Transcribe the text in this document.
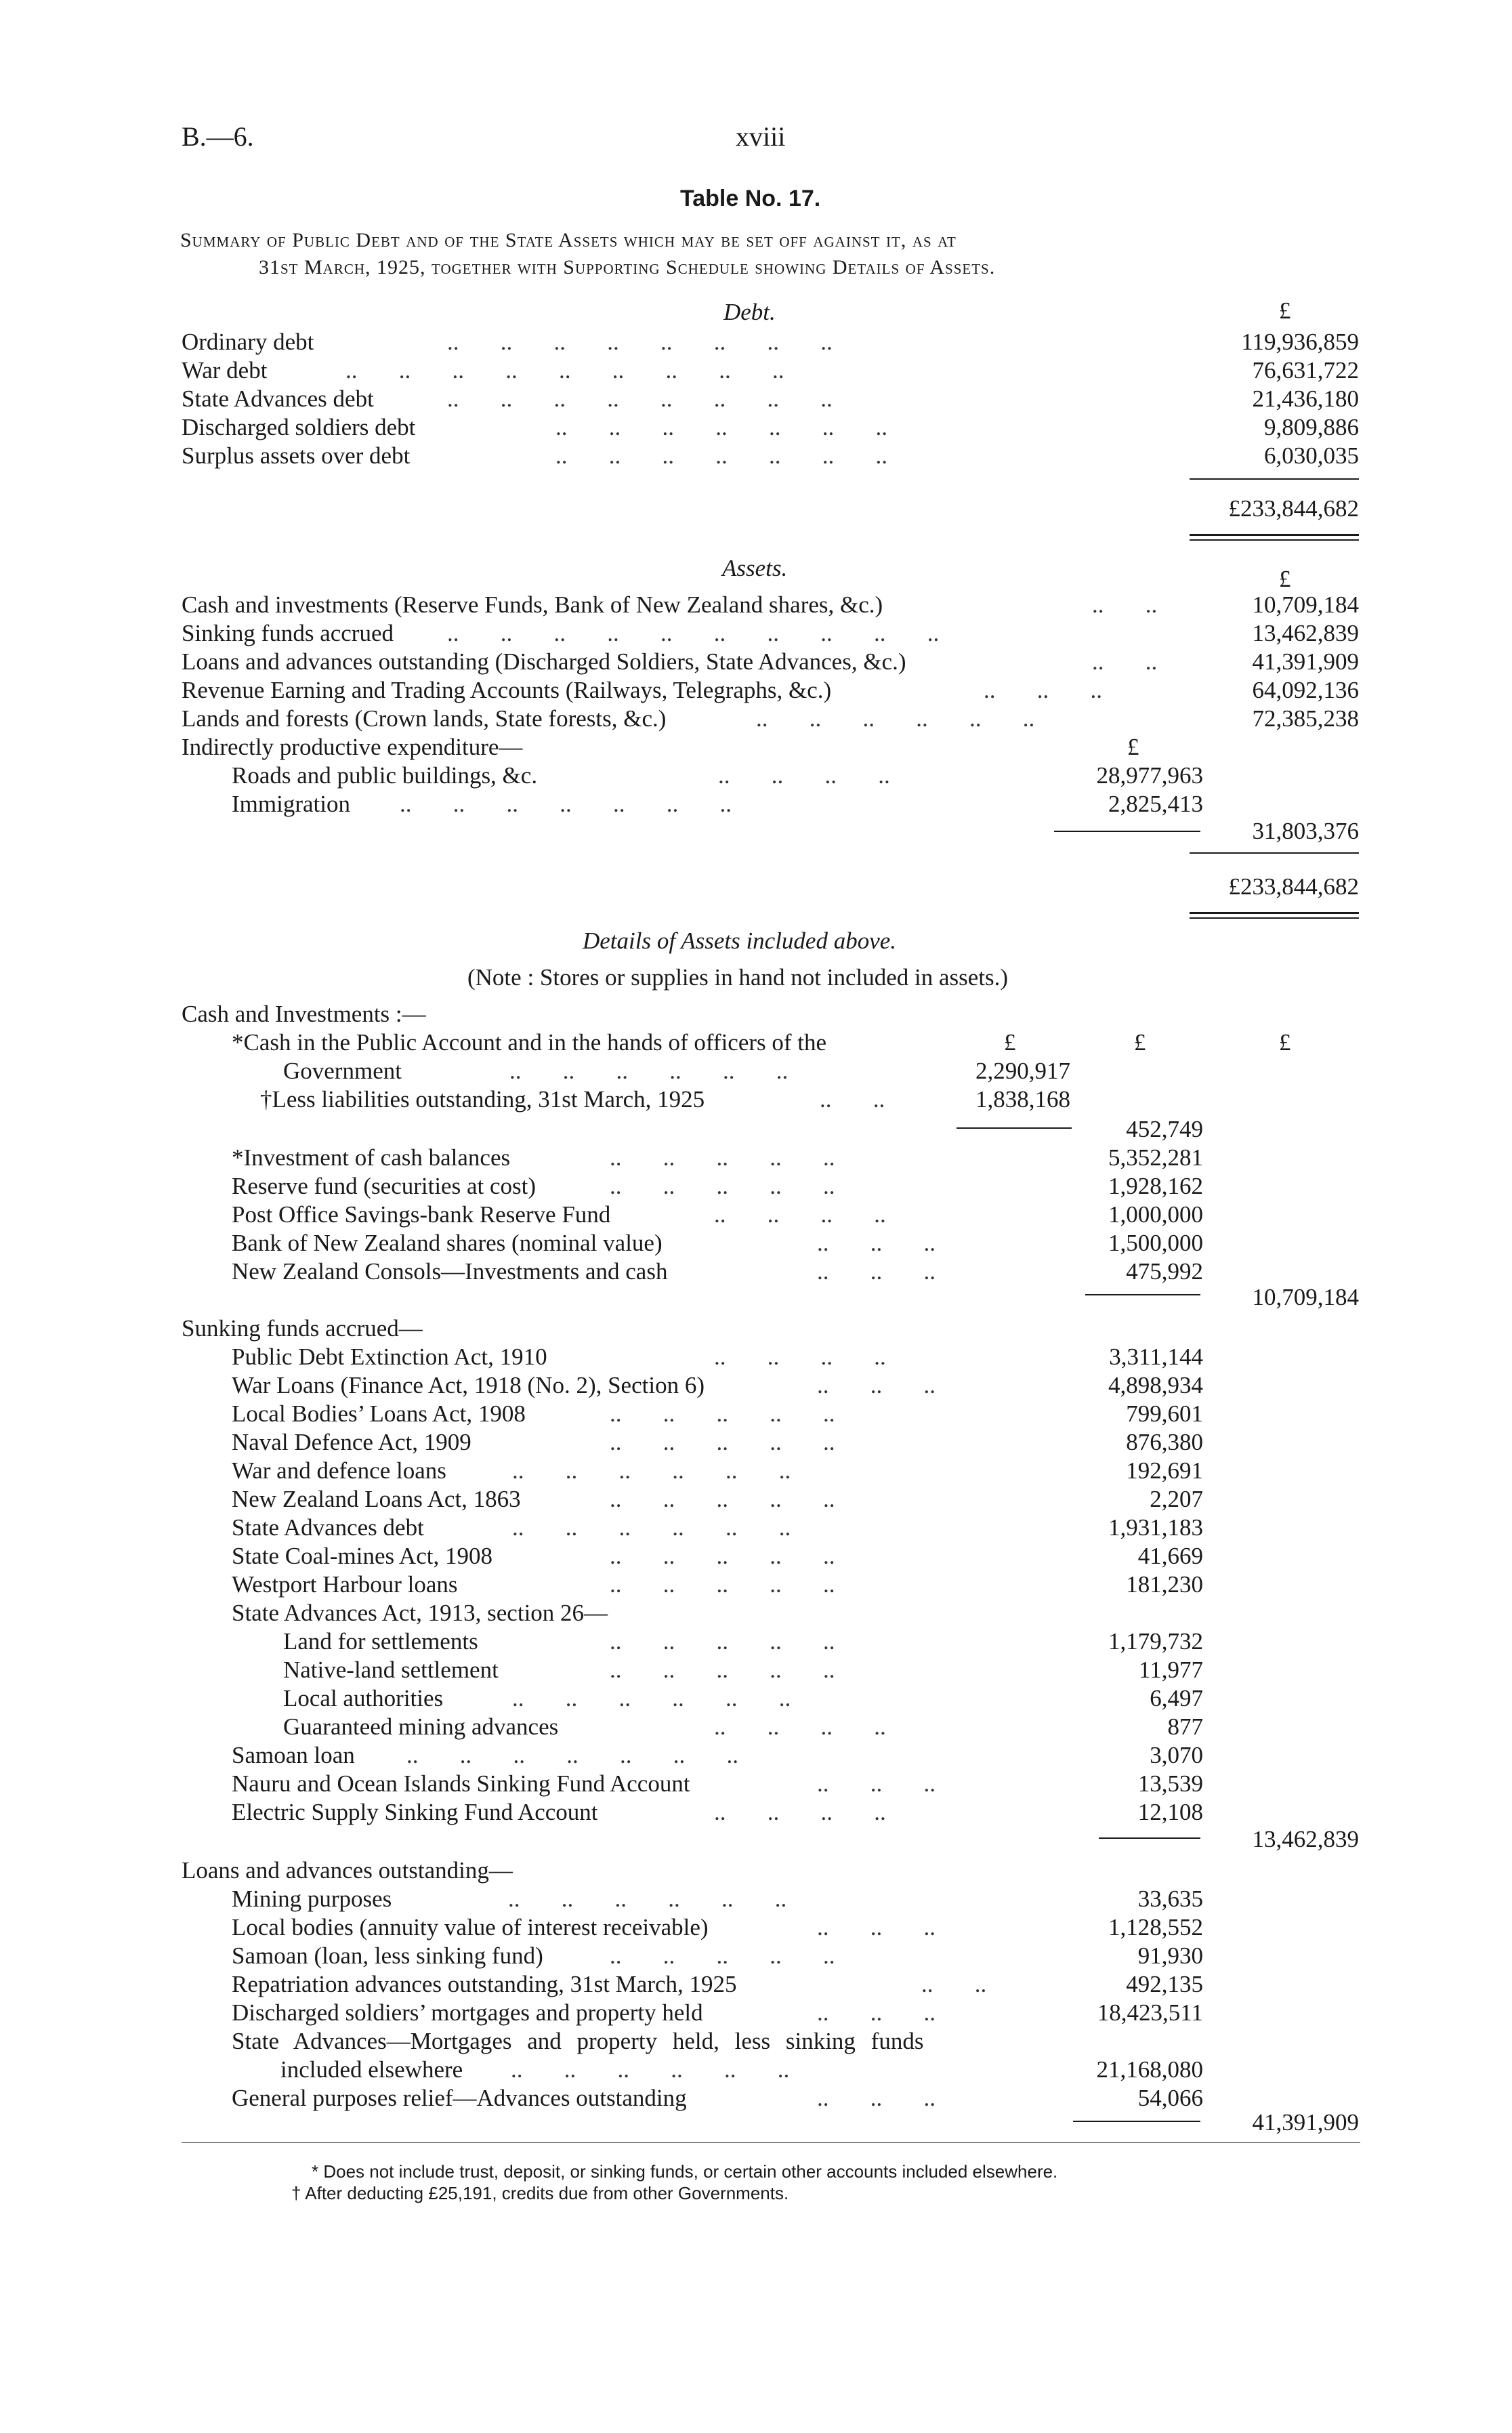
B.—6.	xviii
Table No. 17.
Summary of Public Debt and of the State Assets which may be set off against it, as at
31st March, 1925, together with Supporting Schedule showing Details of Assets.
Debt.	£
Ordinary debt	..       ..       ..       ..       ..       ..       ..       ..	119,936,859
War debt	..       ..       ..       ..       ..       ..       ..       ..       ..	76,631,722
State Advances debt	..       ..       ..       ..       ..       ..       ..       ..	21,436,180
Discharged soldiers debt	..       ..       ..       ..       ..       ..       ..	9,809,886
Surplus assets over debt	..       ..       ..       ..       ..       ..       ..	6,030,035
£233,844,682
Assets.	£
Cash and investments (Reserve Funds, Bank of New Zealand shares, &c.)	..       ..	10,709,184
Sinking funds accrued ..       ..       ..       ..       ..       ..       ..       ..       ..       ..	13,462,839
Loans and advances outstanding (Discharged Soldiers, State Advances, &c.)	..       ..	41,391,909
Revenue Earning and Trading Accounts (Railways, Telegraphs, &c.)	..       ..       ..	64,092,136
Lands and forests (Crown lands, State forests, &c.)	..       ..       ..       ..       ..       ..	72,385,238
Indirectly productive expenditure—	£
Roads and public buildings, &c.	..       ..       ..       ..	28,977,963
Immigration ..       ..       ..       ..       ..       ..       ..	2,825,413
31,803,376
£233,844,682
Details of Assets included above.
(Note : Stores or supplies in hand not included in assets.)
Cash and Investments :—
*Cash in the Public Account and in the hands of officers of the	£	£	£
Government	..       ..       ..       ..       ..       ..	2,290,917
†Less liabilities outstanding, 31st March, 1925	..       ..	1,838,168
452,749
*Investment of cash balances	..       ..       ..       ..       ..	5,352,281
Reserve fund (securities at cost)	..       ..       ..       ..       ..	1,928,162
Post Office Savings-bank Reserve Fund	..       ..       ..       ..	1,000,000
Bank of New Zealand shares (nominal value)	..       ..       ..	1,500,000
New Zealand Consols—Investments and cash	..       ..       ..	475,992
10,709,184
Sunking funds accrued—
Public Debt Extinction Act, 1910	..       ..       ..       ..	3,311,144
War Loans (Finance Act, 1918 (No. 2), Section 6)	..       ..       ..	4,898,934
Local Bodies’ Loans Act, 1908	..       ..       ..       ..       ..	799,601
Naval Defence Act, 1909	..       ..       ..       ..       ..	876,380
War and defence loans	..       ..       ..       ..       ..       ..	192,691
New Zealand Loans Act, 1863	..       ..       ..       ..       ..	2,207
State Advances debt	..       ..       ..       ..       ..       ..	1,931,183
State Coal-mines Act, 1908	..       ..       ..       ..       ..	41,669
Westport Harbour loans	..       ..       ..       ..       ..	181,230
State Advances Act, 1913, section 26—
Land for settlements	..       ..       ..       ..       ..	1,179,732
Native-land settlement	..       ..       ..       ..       ..	11,977
Local authorities	..       ..       ..       ..       ..       ..	6,497
Guaranteed mining advances	..       ..       ..       ..	877
Samoan loan ..       ..       ..       ..       ..       ..       ..	3,070
Nauru and Ocean Islands Sinking Fund Account	..       ..       ..	13,539
Electric Supply Sinking Fund Account	..       ..       ..       ..	12,108
13,462,839
Loans and advances outstanding—
Mining purposes	..       ..       ..       ..       ..       ..	33,635
Local bodies (annuity value of interest receivable)	..       ..       ..	1,128,552
Samoan (loan, less sinking fund)	..       ..       ..       ..       ..	91,930
Repatriation advances outstanding, 31st March, 1925	..       ..	492,135
Discharged soldiers’ mortgages and property held	..       ..       ..	18,423,511
State Advances—Mortgages and property held, less sinking funds
included elsewhere ..       ..       ..       ..       ..       ..	21,168,080
General purposes relief—Advances outstanding	..       ..       ..	54,066
41,391,909
* Does not include trust, deposit, or sinking funds, or certain other accounts included elsewhere.
† After deducting £25,191, credits due from other Governments.
